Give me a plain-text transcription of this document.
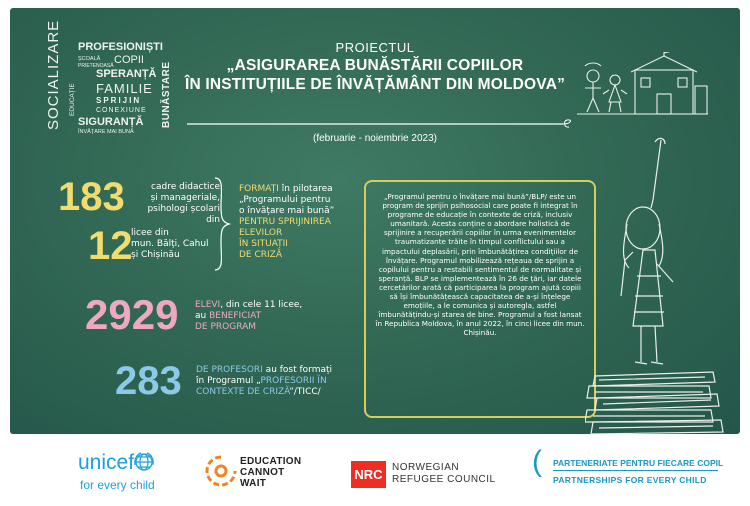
SOCIALIZARE EDUCAȚIE	BUNĂSTARE
PROFESIONIȘTI
ȘCOALĂ COPII
PRIETENOASĂ
SPERANȚĂ
FAMILIE
SPRIJIN
CONEXIUNE
SIGURANȚĂ
ÎNVĂȚARE MAI BUNĂ
PROIECTUL
„ASIGURAREA BUNĂSTĂRII COPIILOR
ÎN INSTITUȚIILE DE ÎNVĂȚĂMÂNT DIN MOLDOVA”
(februarie - noiembrie 2023)
183	cadre didactice
și manageriale,
psihologi școlari din
12
licee din
mun. Bălți, Cahul
și Chișinău
FORMAȚI în pilotarea
„Programului pentru
o învățare mai bună”
PENTRU SPRIJINIREA
ELEVILOR
ÎN SITUAȚII
DE CRIZĂ
2929 ELEVI, din cele 11 licee,
au BENEFICIAT
DE PROGRAM
283 DE PROFESORI au fost formați
în Programul „PROFESORII ÎN
CONTEXTE DE CRIZĂ”/TICC/
„Programul pentru o învățare mai bună”/BLP/ este un program de sprijin psihosocial care poate fi integrat în programe de educație în contexte de criză, inclusiv umanitară. Acesta conține o abordare holistică de sprijinire a recuperării copiilor în urma evenimentelor traumatizante trăite în timpul conflictului sau a impactului deplasării, prin îmbunătățirea condițiilor de învățare. Programul mobilizează rețeaua de sprijin a copilului pentru a restabili sentimentul de normalitate și speranță. BLP se implementează în 26 de țări, iar datele cercetărilor arată că participarea la program ajută copiii să își îmbunătățească capacitatea de a-și înțelege emoțiile, a le comunica și autoregla, astfel îmbunătățindu-și starea de bine. Programul a fost lansat în Republica Moldova, în anul 2022, în cinci licee din mun. Chișinău.
unicef
for every child
EDUCATION
CANNOT
WAIT
NRC NORWEGIAN
REFUGEE COUNCIL
( PARTENERIATE PENTRU FIECARE COPIL
PARTNERSHIPS FOR EVERY CHILD
